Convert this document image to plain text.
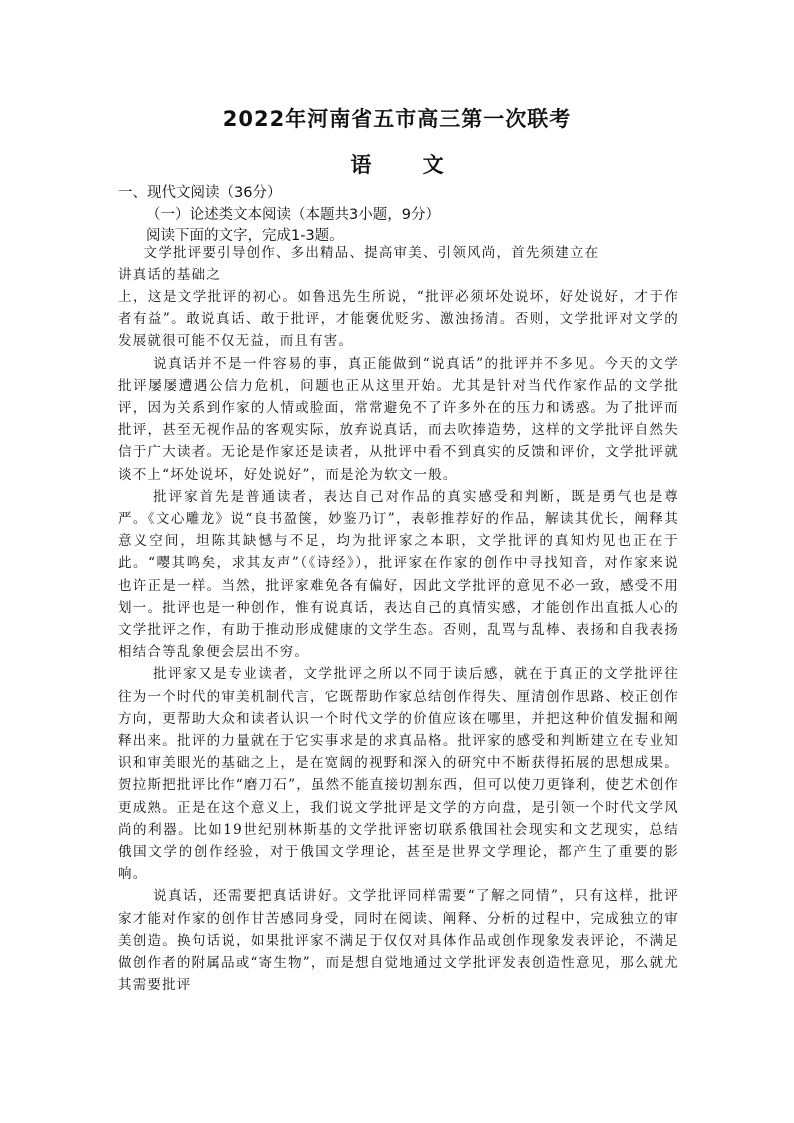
2022年河南省五市高三第一次联考
语 文
一、现代文阅读（36分）
（一）论述类文本阅读（本题共3小题，9分）
阅读下面的文字，完成1-3题。

文学批评要引导创作、多出精品、提高审美、引领风尚，首先须建立在

讲真话的基础之

上，这是文学批评的初心。如鲁迅先生所说，“批评必须坏处说坏，好处说好，才于作者有益”。敢说真话、敢于批评，才能褒优贬劣、激浊扬清。否则，文学批评对文学的发展就很可能不仅无益，而且有害。

说真话并不是一件容易的事，真正能做到“说真话”的批评并不多见。今天的文学批评屡屡遭遇公信力危机，问题也正从这里开始。尤其是针对当代作家作品的文学批评，因为关系到作家的人情或脸面，常常避免不了许多外在的压力和诱惑。为了批评而批评，甚至无视作品的客观实际，放弃说真话，而去吹捧造势，这样的文学批评自然失信于广大读者。无论是作家还是读者，从批评中看不到真实的反馈和评价，文学批评就谈不上“坏处说坏，好处说好”，而是沦为软文一般。

批评家首先是普通读者，表达自己对作品的真实感受和判断，既是勇气也是尊严。《文心雕龙》说“良书盈箧，妙鉴乃订”，表彰推荐好的作品，解读其优长，阐释其意义空间，坦陈其缺憾与不足，均为批评家之本职，文学批评的真知灼见也正在于此。“嘤其鸣矣，求其友声”（《诗经》），批评家在作家的创作中寻找知音，对作家来说也许正是一样。当然，批评家难免各有偏好，因此文学批评的意见不必一致，感受不用划一。批评也是一种创作，惟有说真话，表达自己的真情实感，才能创作出直抵人心的文学批评之作，有助于推动形成健康的文学生态。否则，乱骂与乱棒、表扬和自我表扬相结合等乱象便会层出不穷。

批评家又是专业读者，文学批评之所以不同于读后感，就在于真正的文学批评往往为一个时代的审美机制代言，它既帮助作家总结创作得失、厘清创作思路、校正创作方向，更帮助大众和读者认识一个时代文学的价值应该在哪里，并把这种价值发掘和阐释出来。批评的力量就在于它实事求是的求真品格。批评家的感受和判断建立在专业知识和审美眼光的基础之上，是在宽阔的视野和深入的研究中不断获得拓展的思想成果。贺拉斯把批评比作“磨刀石”，虽然不能直接切割东西，但可以使刀更锋利，使艺术创作更成熟。正是在这个意义上，我们说文学批评是文学的方向盘，是引领一个时代文学风尚的利器。比如19世纪别林斯基的文学批评密切联系俄国社会现实和文艺现实，总结俄国文学的创作经验，对于俄国文学理论，甚至是世界文学理论，都产生了重要的影响。

说真话，还需要把真话讲好。文学批评同样需要“了解之同情”，只有这样，批评家才能对作家的创作甘苦感同身受，同时在阅读、阐释、分析的过程中，完成独立的审美创造。换句话说，如果批评家不满足于仅仅对具体作品或创作现象发表评论，不满足做创作者的附属品或“寄生物”，而是想自觉地通过文学批评发表创造性意见，那么就尤其需要批评
